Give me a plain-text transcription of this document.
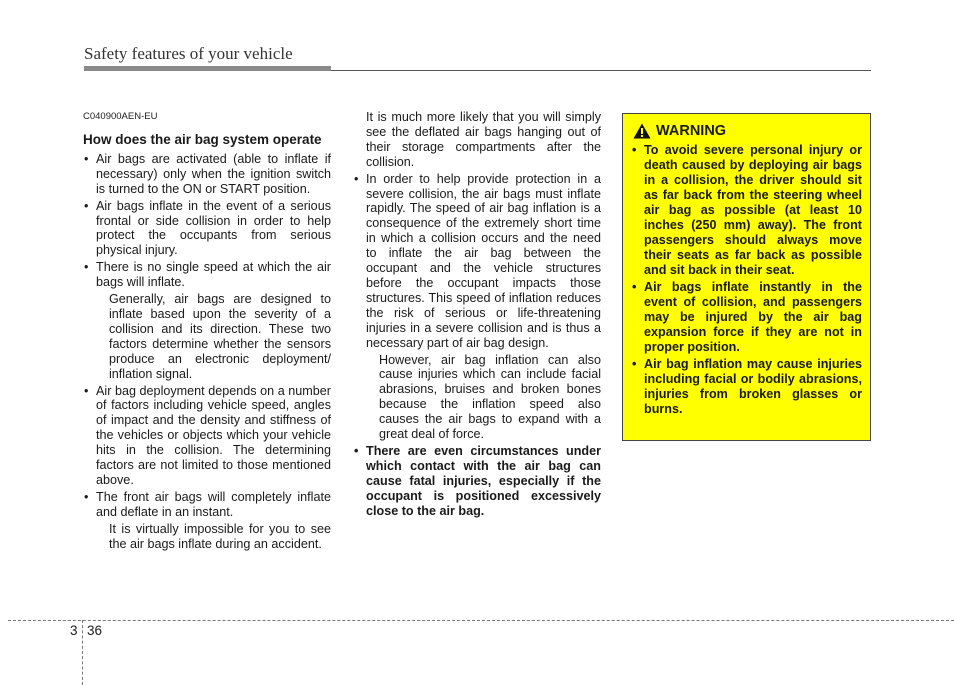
Safety features of your vehicle
C040900AEN-EU
How does the air bag system operate
• Air bags are activated (able to inflate if necessary) only when the ignition switch is turned to the ON or START position.
• Air bags inflate in the event of a serious frontal or side collision in order to help protect the occupants from serious physical injury.
• There is no single speed at which the air bags will inflate.

Generally, air bags are designed to inflate based upon the severity of a collision and its direction. These two factors determine whether the sensors produce an electronic deployment/ inflation signal.

• Air bag deployment depends on a number of factors including vehicle speed, angles of impact and the density and stiffness of the vehicles or objects which your vehicle hits in the collision. The determining factors are not limited to those mentioned above.
• The front air bags will completely inflate and deflate in an instant.

It is virtually impossible for you to see the air bags inflate during an accident.

It is much more likely that you will simply see the deflated air bags hanging out of their storage compartments after the collision.

• In order to help provide protection in a severe collision, the air bags must inflate rapidly. The speed of air bag inflation is a consequence of the extremely short time in which a collision occurs and the need to inflate the air bag between the occupant and the vehicle structures before the occupant impacts those structures. This speed of inflation reduces the risk of serious or life-threatening injuries in a severe collision and is thus a necessary part of air bag design.

However, air bag inflation can also cause injuries which can include facial abrasions, bruises and broken bones because the inflation speed also causes the air bags to expand with a great deal of force.

• There are even circumstances under which contact with the air bag can cause fatal injuries, especially if the occupant is positioned excessively close to the air bag.
WARNING
• To avoid severe personal injury or death caused by deploying air bags in a collision, the driver should sit as far back from the steering wheel air bag as possible (at least 10 inches (250 mm) away). The front passengers should always move their seats as far back as possible and sit back in their seat.
• Air bags inflate instantly in the event of collision, and passengers may be injured by the air bag expansion force if they are not in proper position.
• Air bag inflation may cause injuries including facial or bodily abrasions, injuries from broken glasses or burns.
3 36
